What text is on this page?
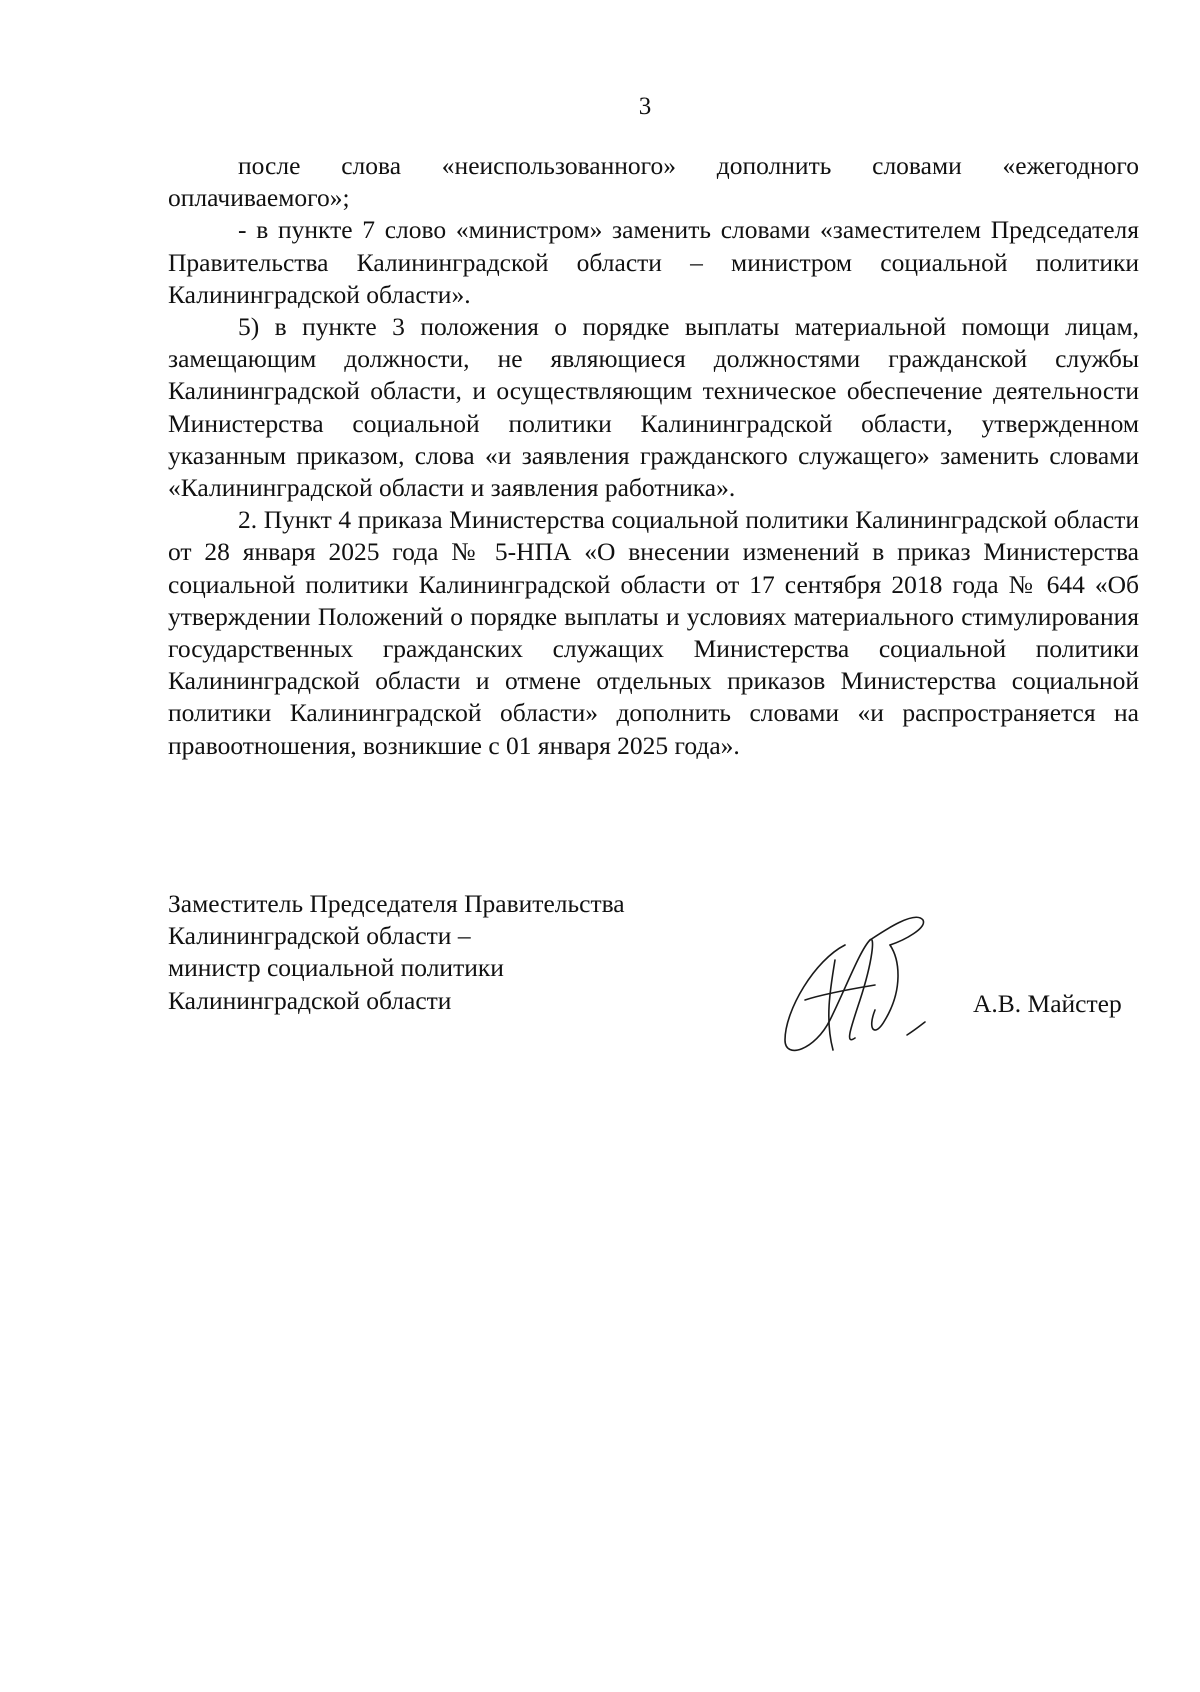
3

после слова «неиспользованного» дополнить словами «ежегодного оплачиваемого»;

- в пункте 7 слово «министром» заменить словами «заместителем Председателя Правительства Калининградской области – министром социальной политики Калининградской области».

5) в пункте 3 положения о порядке выплаты материальной помощи лицам, замещающим должности, не являющиеся должностями гражданской службы Калининградской области, и осуществляющим техническое обеспечение деятельности Министерства социальной политики Калининградской области, утвержденном указанным приказом, слова «и заявления гражданского служащего» заменить словами «Калининградской области и заявления работника».

2. Пункт 4 приказа Министерства социальной политики Калининградской области от 28 января 2025 года № 5-НПА «О внесении изменений в приказ Министерства социальной политики Калининградской области от 17 сентября 2018 года № 644 «Об утверждении Положений о порядке выплаты и условиях материального стимулирования государственных гражданских служащих Министерства социальной политики Калининградской области и отмене отдельных приказов Министерства социальной политики Калининградской области» дополнить словами «и распространяется на правоотношения, возникшие с 01 января 2025 года».

Заместитель Председателя Правительства
Калининградской области –
министр социальной политики
Калининградской области	А.В. Майстер
